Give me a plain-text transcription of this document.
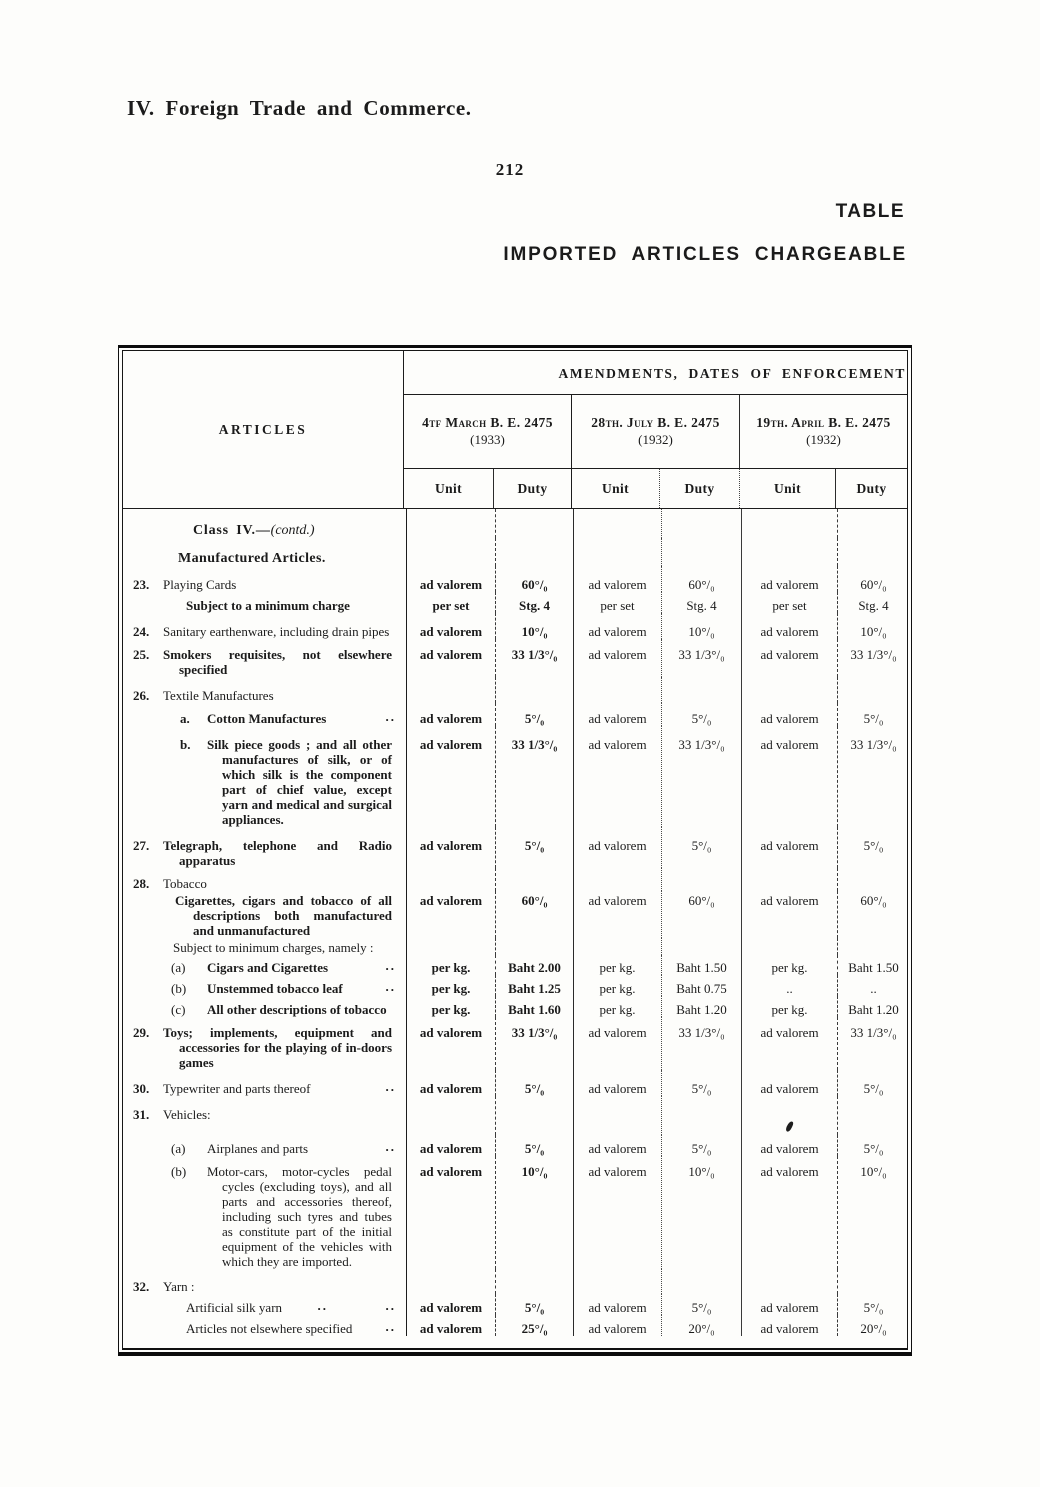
IV. Foreign Trade and Commerce.
212
TABLE
IMPORTED ARTICLES CHARGEABLE
ARTICLES
AMENDMENTS, DATES OF ENFORCEMENT
4tf March B. E. 2475
(1933)
28th. July B. E. 2475
(1932)
19th. April B. E. 2475
(1932)
Unit	Duty	Unit	Duty	Unit	Duty
Class IV.—(contd.)
Manufactured Articles.
23. Playing Cards	ad valorem	60°/₀	ad valorem	60°/₀	ad valorem	60°/₀
Subject to a minimum charge	per set	Stg. 4	per set	Stg. 4	per set	Stg. 4
24. Sanitary earthenware, including drain pipes	ad valorem	10°/₀	ad valorem	10°/₀	ad valorem	10°/₀
25. Smokers requisites, not elsewhere specified
ad valorem	33 1/3°/₀	ad valorem	33 1/3°/₀	ad valorem	33 1/3°/₀
26. Textile Manufactures
a. Cotton Manufactures	..	ad valorem	5°/₀	ad valorem	5°/₀	ad valorem	5°/₀
b. Silk piece goods ; and all other manufactures of silk, or of which silk is the component part of chief value, except yarn and medical and surgical appliances.
ad valorem	33 1/3°/₀	ad valorem	33 1/3°/₀	ad valorem	33 1/3°/₀
27. Telegraph, telephone and Radio apparatus
ad valorem	5°/₀	ad valorem	5°/₀	ad valorem	5°/₀
28. Tobacco
Cigarettes, cigars and tobacco of all descriptions both manufactured and unmanufactured
ad valorem	60°/₀	ad valorem	60°/₀	ad valorem	60°/₀
Subject to minimum charges, namely :
(a) Cigars and Cigarettes	..	per kg.	Baht 2.00	per kg.	Baht 1.50	per kg.	Baht 1.50
(b) Unstemmed tobacco leaf	..	per kg.	Baht 1.25	per kg.	Baht 0.75	..	..
(c) All other descriptions of tobacco	per kg.	Baht 1.60	per kg.	Baht 1.20	per kg.	Baht 1.20
29. Toys; implements, equipment and accessories for the playing of in-doors games
ad valorem	33 1/3°/₀	ad valorem	33 1/3°/₀	ad valorem	33 1/3°/₀
30. Typewriter and parts thereof	..	ad valorem	5°/₀	ad valorem	5°/₀	ad valorem	5°/₀
31. Vehicles:
(a) Airplanes and parts	..	ad valorem	5°/₀	ad valorem	5°/₀	ad valorem	5°/₀
(b) Motor-cars, motor-cycles pedal cycles (excluding toys), and all parts and accessories thereof, including such tyres and tubes as constitute part of the initial equipment of the vehicles with which they are imported.
ad valorem	10°/₀	ad valorem	10°/₀	ad valorem	10°/₀
32. Yarn :
Artificial silk yarn	..	..	ad valorem	5°/₀	ad valorem	5°/₀	ad valorem	5°/₀
Articles not elsewhere specified	..	ad valorem	25°/₀	ad valorem	20°/₀	ad valorem	20°/₀
